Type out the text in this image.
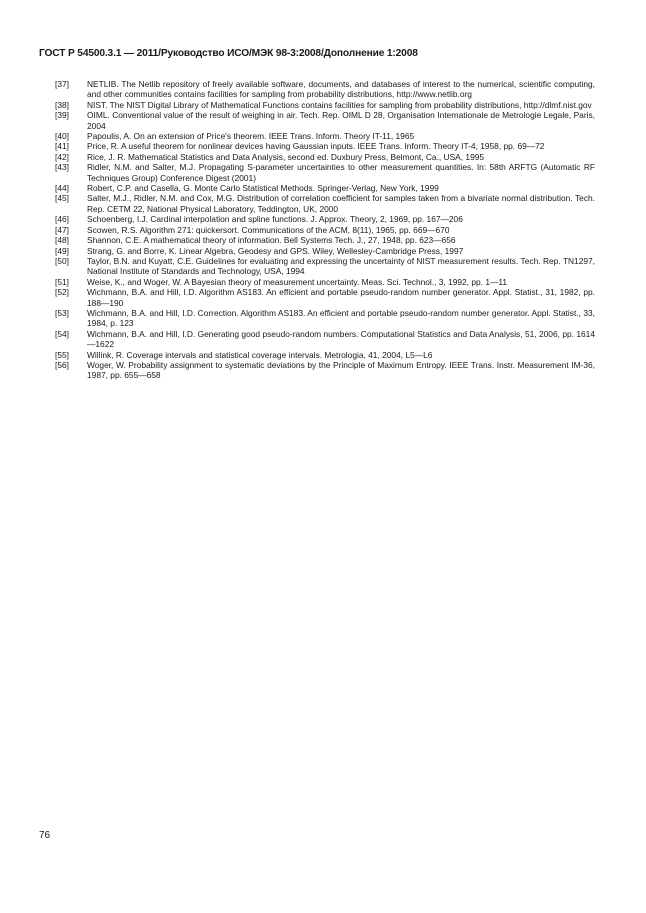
ГОСТ Р 54500.3.1 — 2011/Руководство ИСО/МЭК 98-3:2008/Дополнение 1:2008
[37]	NETLIB. The Netlib repository of freely available software, documents, and databases of interest to the numerical, scientific computing, and other communities contains facilities for sampling from probability distributions, http://www.netlib.org
[38]	NIST. The NIST Digital Library of Mathematical Functions contains facilities for sampling from probability distributions, http://dlmf.nist.gov
[39]	OIML. Conventional value of the result of weighing in air. Tech. Rep. OIML D 28, Organisation Internationale de Metrologie Legale, Paris, 2004
[40]	Papoulis, A. On an extension of Price's theorem. IEEE Trans. Inform. Theory IT-11, 1965
[41]	Price, R. A useful theorem for nonlinear devices having Gaussian inputs. IEEE Trans. Inform. Theory IT-4, 1958, pp. 69—72
[42]	Rice, J. R. Mathematical Statistics and Data Analysis, second ed. Duxbury Press, Belmont, Ca., USA, 1995
[43]	Ridler, N.M. and Salter, M.J. Propagating S-parameter uncertainties to other measurement quantities. In: 58th ARFTG (Automatic RF Techniques Group) Conference Digest (2001)
[44]	Robert, C.P. and Casella, G. Monte Carlo Statistical Methods. Springer-Verlag, New York, 1999
[45]	Salter, M.J., Ridler, N.M. and Cox, M.G. Distribution of correlation coefficient for samples taken from a bivariate normal distribution. Tech. Rep. CETM 22, National Physical Laboratory, Teddington, UK, 2000
[46]	Schoenberg, I.J. Cardinal interpolation and spline functions. J. Approx. Theory, 2, 1969, pp. 167—206
[47]	Scowen, R.S. Algorithm 271: quickersort. Communications of the ACM, 8(11), 1965, pp. 669—670
[48]	Shannon, C.E. A mathematical theory of information. Bell Systems Tech. J., 27, 1948, pp. 623—656
[49]	Strang, G. and Borre, K. Linear Algebra, Geodesy and GPS. Wiley, Wellesley-Cambridge Press, 1997
[50]	Taylor, B.N. and Kuyatt, C.E. Guidelines for evaluating and expressing the uncertainty of NIST measurement results. Tech. Rep. TN1297, National Institute of Standards and Technology, USA, 1994
[51]	Weise, K., and Woger, W. A Bayesian theory of measurement uncertainty. Meas. Sci. Technol., 3, 1992, pp. 1—11
[52]	Wichmann, B.A. and Hill, I.D. Algorithm AS183. An efficient and portable pseudo-random number generator. Appl. Statist., 31, 1982, pp. 188—190
[53]	Wichmann, B.A. and Hill, I.D. Correction. Algorithm AS183. An efficient and portable pseudo-random number generator. Appl. Statist., 33, 1984, p. 123
[54]	Wichmann, B.A. and Hill, I.D. Generating good pseudo-random numbers. Computational Statistics and Data Analysis, 51, 2006, pp. 1614—1622
[55]	Willink, R. Coverage intervals and statistical coverage intervals. Metrologia, 41, 2004, L5—L6
[56]	Woger, W. Probability assignment to systematic deviations by the Principle of Maximum Entropy. IEEE Trans. Instr. Measurement IM-36, 1987, pp. 655—658
76
